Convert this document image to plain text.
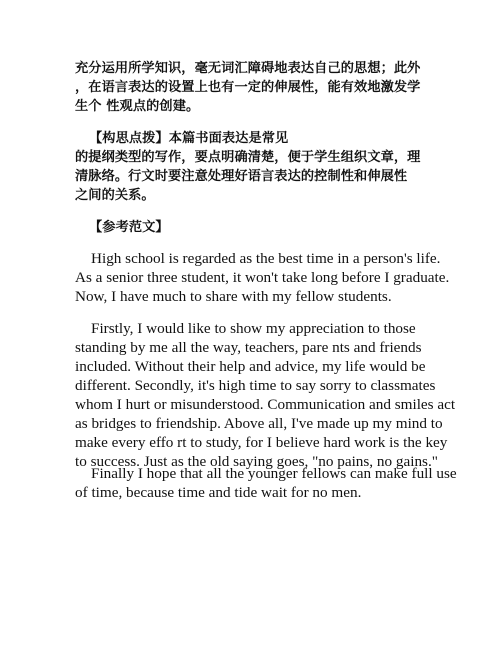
充分运用所学知识，毫无词汇障碍地表达自己的思想；此外
，在语言表达的设置上也有一定的伸展性，能有效地激发学
生个 性观点的创建。
【构思点拨】本篇书面表达是常见
的提纲类型的写作，要点明确清楚，便于学生组织文章，理
清脉络。行文时要注意处理好语言表达的控制性和伸展性
之间的关系。
【参考范文】
High school is regarded as the best time in a person's life.
As a senior three student, it won't take long before I graduate.
Now, I have much to share with my fellow students.
Firstly, I would like to show my appreciation to those
standing by me all the way, teachers, pare nts and friends
included. Without their help and advice, my life would be
different. Secondly, it's high time to say sorry to classmates
whom I hurt or misunderstood. Communication and smiles act
as bridges to friendship. Above all, I've made up my mind to
make every effo rt to study, for I believe hard work is the key
to success. Just as the old saying goes, "no pains, no gains."
Finally I hope that all the younger fellows can make full use
of time, because time and tide wait for no men.
